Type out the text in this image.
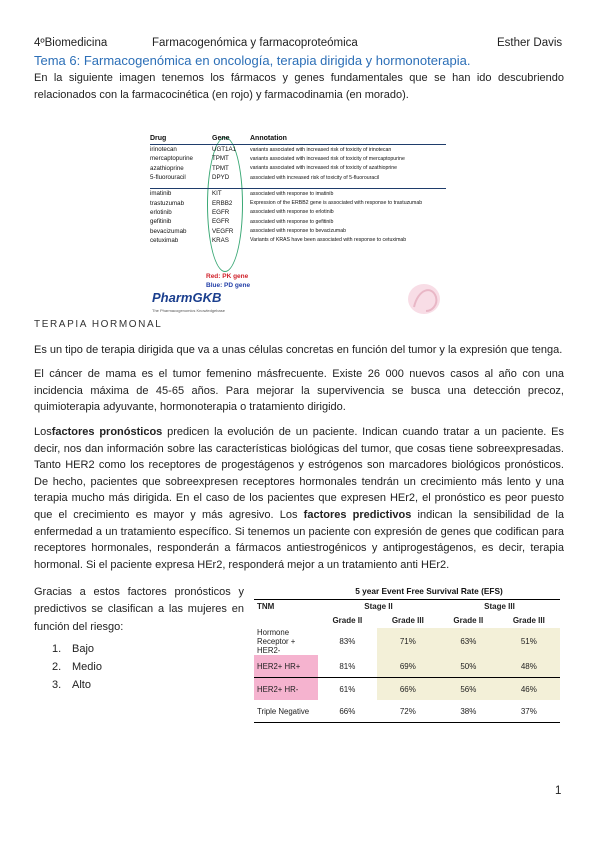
4ºBiomedicina	Farmacogenómica y farmacoproteómica	Esther Davis
Tema 6: Farmacogenómica en oncología, terapia dirigida y hormonoterapia.
En la siguiente imagen tenemos los fármacos y genes fundamentales que se han ido descubriendo relacionados con la farmacocinética (en rojo) y farmacodinamia (en morado).
Drug	Gene	Annotation
irinotecan	UGT1A1	variants associated with increased risk of toxicity of irinotecan
mercaptopurine	TPMT	variants associated with increased risk of toxicity of mercaptopurine
azathioprine	TPMT	variants associated with increased risk of toxicity of azathioprine
5-fluorouracil	DPYD	associated with increased risk of toxicity of 5-fluorouracil

imatinib	KIT	associated with response to imatinib
trastuzumab	ERBB2	Expression of the ERBB2 gene is associated with response to trastuzumab
erlotinib	EGFR	associated with response to erlotinib
gefitinib	EGFR	associated with response to gefitinib
bevacizumab	VEGFR	associated with response to bevacizumab
cetuximab	KRAS	Variants of KRAS have been associated with response to cetuximab
Red: PK gene
Blue: PD gene
PharmGKB
The Pharmacogenomics Knowledgebase
TERAPIA HORMONAL
Es un tipo de terapia dirigida que va a unas células concretas en función del tumor y la expresión que tenga.
El cáncer de mama es el tumor femenino másfrecuente. Existe 26 000 nuevos casos al año con una incidencia máxima de 45-65 años. Para mejorar la supervivencia se busca una detección precoz, quimioterapia adyuvante, hormonoterapia o tratamiento dirigido.
Losfactores pronósticos predicen la evolución de un paciente. Indican cuando tratar a un paciente. Es decir, nos dan información sobre las características biológicas del tumor, que cosas tiene sobreexpresadas. Tanto HER2 como los receptores de progestágenos y estrógenos son marcadores biológicos pronósticos. De hecho, pacientes que sobreexpresen receptores hormonales tendrán un crecimiento más lento y una terapia mucho más dirigida. En el caso de los pacientes que expresen HEr2, el pronóstico es peor puesto que el crecimiento es mayor y más agresivo. Los factores predictivos indican la sensibilidad de la enfermedad a un tratamiento específico. Si tenemos un paciente con expresión de genes que codifican para receptores hormonales, responderán a fármacos antiestrogénicos y antiprogestágenos, es decir, terapia hormonal. Si el paciente expresa HEr2, responderá mejor a un tratamiento anti HEr2.
Gracias a estos factores pronósticos y predictivos se clasifican a las mujeres en función del riesgo:
1. Bajo
2. Medio
3. Alto
5 year Event Free Survival Rate (EFS)
TNM	Stage II		Stage III	
	Grade II	Grade III	Grade II	Grade III
Hormone Receptor + HER2-	83%	71%	63%	51%
HER2+ HR+	81%	69%	50%	48%
HER2+ HR-	61%	66%	56%	46%
Triple Negative	66%	72%	38%	37%
1
